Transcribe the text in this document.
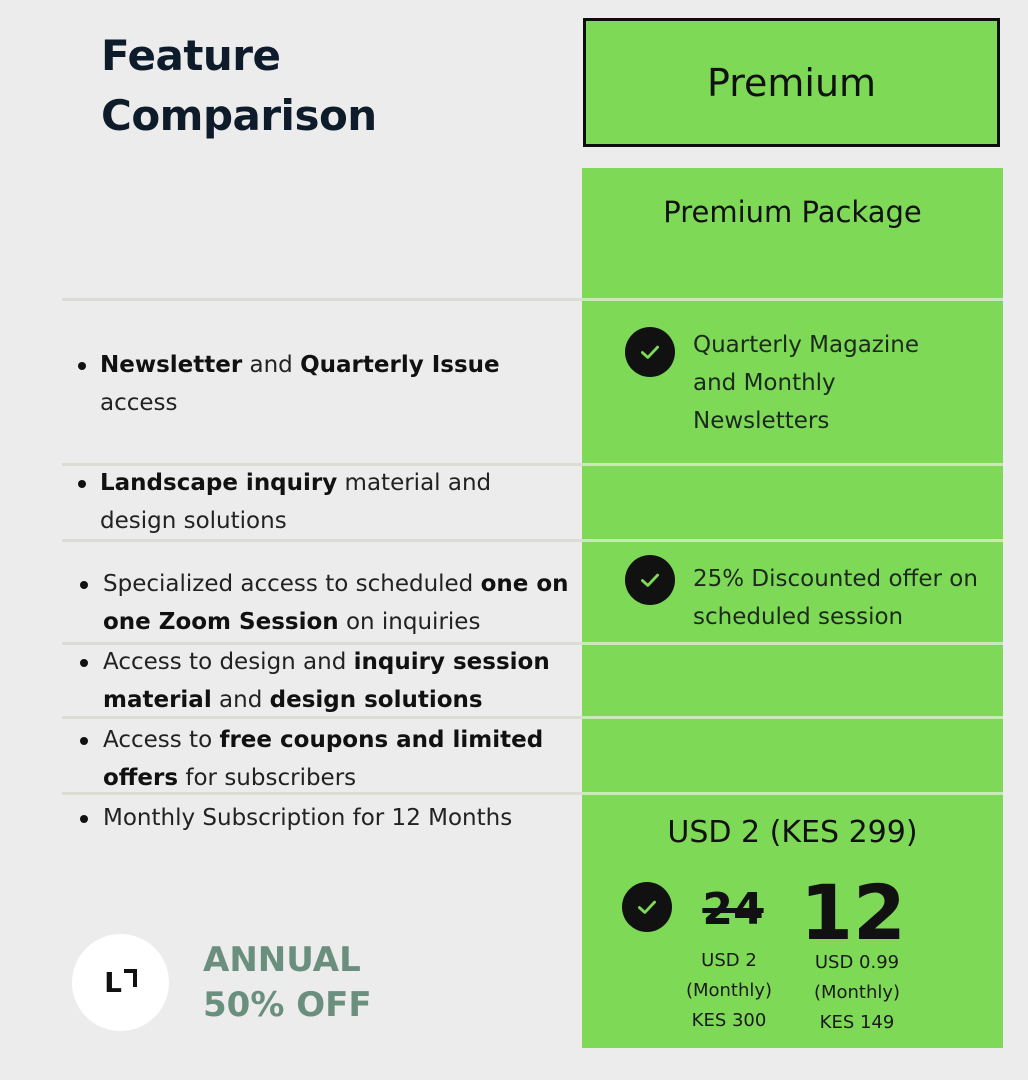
Feature
Comparison
Premium
Premium Package
Newsletter and Quarterly Issue access
Landscape inquiry material and design solutions
Specialized access to scheduled one on one Zoom Session on inquiries
Access to design and inquiry session material and design solutions
Access to free coupons and limited offers for subscribers
Monthly Subscription for 12 Months
Quarterly Magazine
and Monthly
Newsletters
25% Discounted offer on
scheduled session
USD 2 (KES 299)
24 12
USD 2
(Monthly)
KES 300
USD 0.99
(Monthly)
KES 149
L
ANNUAL
50% OFF
